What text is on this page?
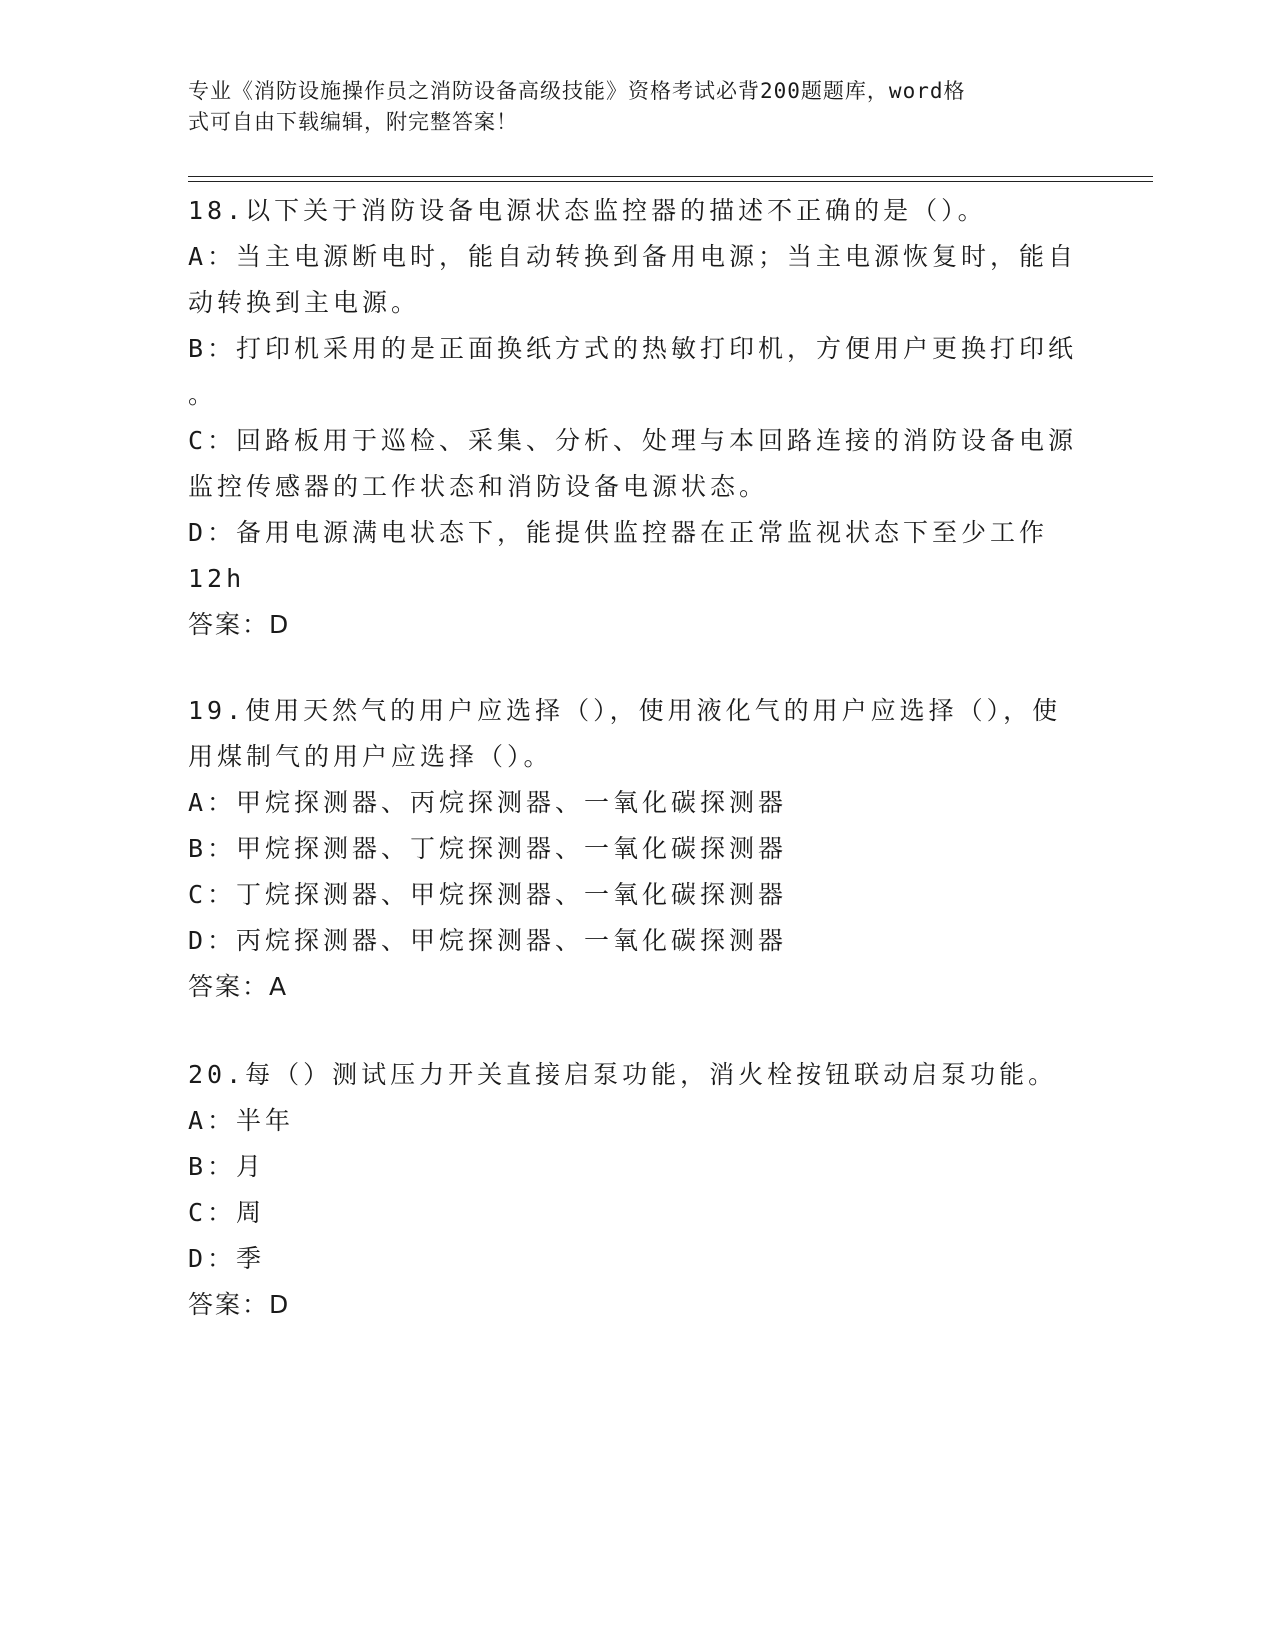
专业《消防设施操作员之消防设备高级技能》资格考试必背200题题库，word格
式可自由下载编辑，附完整答案！
18.以下关于消防设备电源状态监控器的描述不正确的是（）。
A：当主电源断电时，能自动转换到备用电源；当主电源恢复时，能自
动转换到主电源。
B：打印机采用的是正面换纸方式的热敏打印机，方便用户更换打印纸
。
C：回路板用于巡检、采集、分析、处理与本回路连接的消防设备电源
监控传感器的工作状态和消防设备电源状态。
D：备用电源满电状态下，能提供监控器在正常监视状态下至少工作
12h
答案：D
19.使用天然气的用户应选择（），使用液化气的用户应选择（），使
用煤制气的用户应选择（）。
A：甲烷探测器、丙烷探测器、一氧化碳探测器
B：甲烷探测器、丁烷探测器、一氧化碳探测器
C：丁烷探测器、甲烷探测器、一氧化碳探测器
D：丙烷探测器、甲烷探测器、一氧化碳探测器
答案：A
20.每（）测试压力开关直接启泵功能，消火栓按钮联动启泵功能。
A：半年
B：月
C：周
D：季
答案：D
